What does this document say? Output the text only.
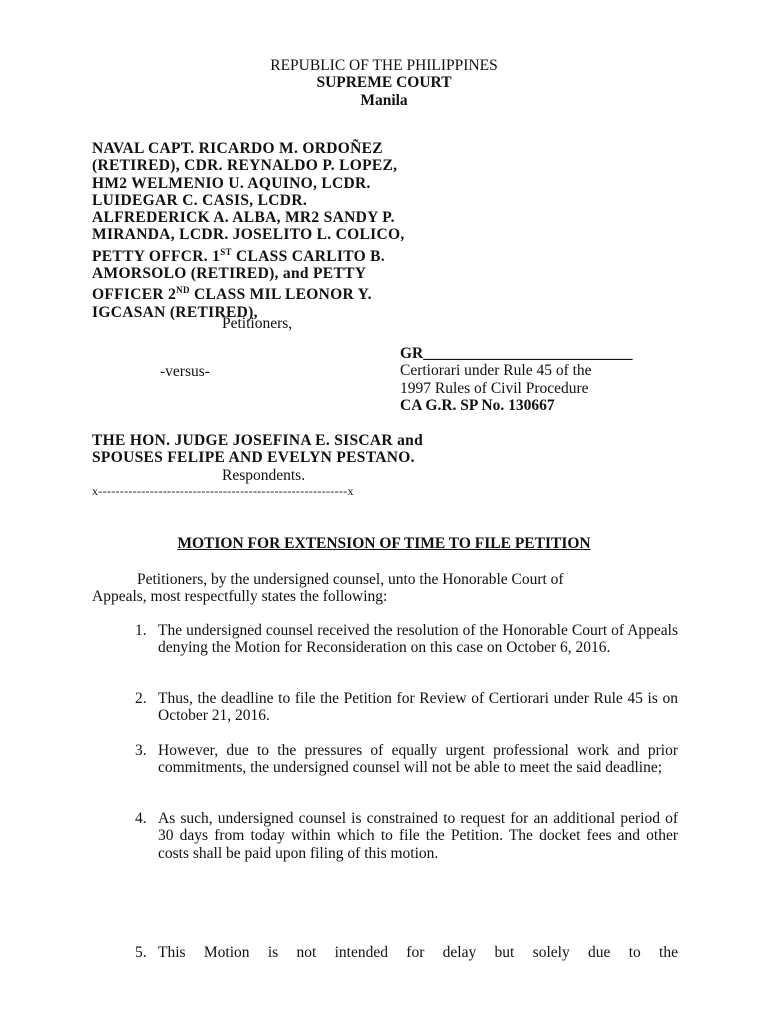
REPUBLIC OF THE PHILIPPINES
SUPREME COURT
Manila
NAVAL CAPT. RICARDO M. ORDOÑEZ
(RETIRED), CDR. REYNALDO P. LOPEZ,
HM2 WELMENIO U. AQUINO, LCDR.
LUIDEGAR C. CASIS, LCDR.
ALFREDERICK A. ALBA, MR2 SANDY P.
MIRANDA, LCDR. JOSELITO L. COLICO,
PETTY OFFCR. 1ST CLASS CARLITO B.
AMORSOLO (RETIRED), and PETTY
OFFICER 2ND CLASS MIL LEONOR Y.
IGCASAN (RETIRED),
Petitioners,
-versus-
GR___________________________
Certiorari under Rule 45 of the
1997 Rules of Civil Procedure
CA G.R. SP No. 130667
THE HON. JUDGE JOSEFINA E. SISCAR and
SPOUSES FELIPE AND EVELYN PESTANO.
Respondents.
x----------------------------------------------------------x
MOTION FOR EXTENSION OF TIME TO FILE PETITION
Petitioners, by the undersigned counsel, unto the Honorable Court of
Appeals, most respectfully states the following:
1. The undersigned counsel received the resolution of the Honorable Court of Appeals denying the Motion for Reconsideration on this case on October 6, 2016.
2. Thus, the deadline to file the Petition for Review of Certiorari under Rule 45 is on October 21, 2016.
3. However, due to the pressures of equally urgent professional work and prior commitments, the undersigned counsel will not be able to meet the said deadline;
4. As such, undersigned counsel is constrained to request for an additional period of 30 days from today within which to file the Petition. The docket fees and other costs shall be paid upon filing of this motion.
5. This Motion is not intended for delay but solely due to the
